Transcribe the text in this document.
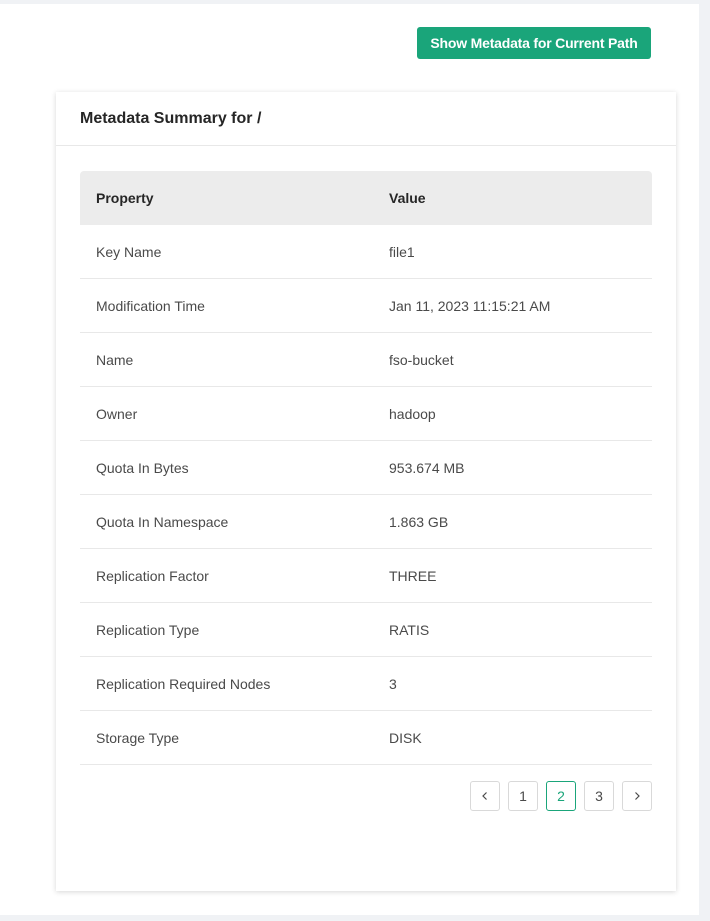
Show Metadata for Current Path
Metadata Summary for /
Property	Value
Key Name	file1
Modification Time	Jan 11, 2023 11:15:21 AM
Name	fso-bucket
Owner	hadoop
Quota In Bytes	953.674 MB
Quota In Namespace	1.863 GB
Replication Factor	THREE
Replication Type	RATIS
Replication Required Nodes	3
Storage Type	DISK
1	2	3
